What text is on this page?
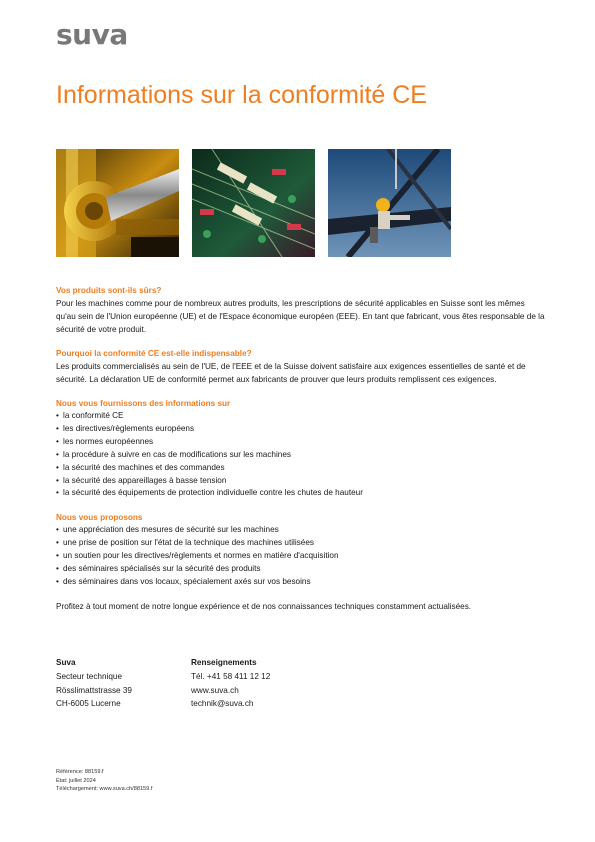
suva
Informations sur la conformité CE

Vos produits sont-ils sûrs?

Pour les machines comme pour de nombreux autres produits, les prescriptions de sécurité applicables en Suisse sont les mêmes qu'au sein de l'Union européenne (UE) et de l'Espace économique européen (EEE). En tant que fabricant, vous êtes responsable de la sécurité de votre produit.

Pourquoi la conformité CE est-elle indispensable?

Les produits commercialisés au sein de l'UE, de l'EEE et de la Suisse doivent satisfaire aux exigences essentielles de santé et de sécurité. La déclaration UE de conformité permet aux fabricants de prouver que leurs produits remplissent ces exigences.

Nous vous fournissons des informations sur

• la conformité CE
• les directives/règlements européens
• les normes européennes
• la procédure à suivre en cas de modifications sur les machines
• la sécurité des machines et des commandes
• la sécurité des appareillages à basse tension
• la sécurité des équipements de protection individuelle contre les chutes de hauteur

Nous vous proposons

• une appréciation des mesures de sécurité sur les machines
• une prise de position sur l'état de la technique des machines utilisées
• un soutien pour les directives/règlements et normes en matière d'acquisition
• des séminaires spécialisés sur la sécurité des produits
• des séminaires dans vos locaux, spécialement axés sur vos besoins

Profitez à tout moment de notre longue expérience et de nos connaissances techniques constamment actualisées.

Suva
Secteur technique
Rösslimattstrasse 39
CH-6005 Lucerne
Renseignements
Tél. +41 58 411 12 12
www.suva.ch
technik@suva.ch
Référence: 88159.f
État: juillet 2024
Téléchargement: www.suva.ch/88159.f
